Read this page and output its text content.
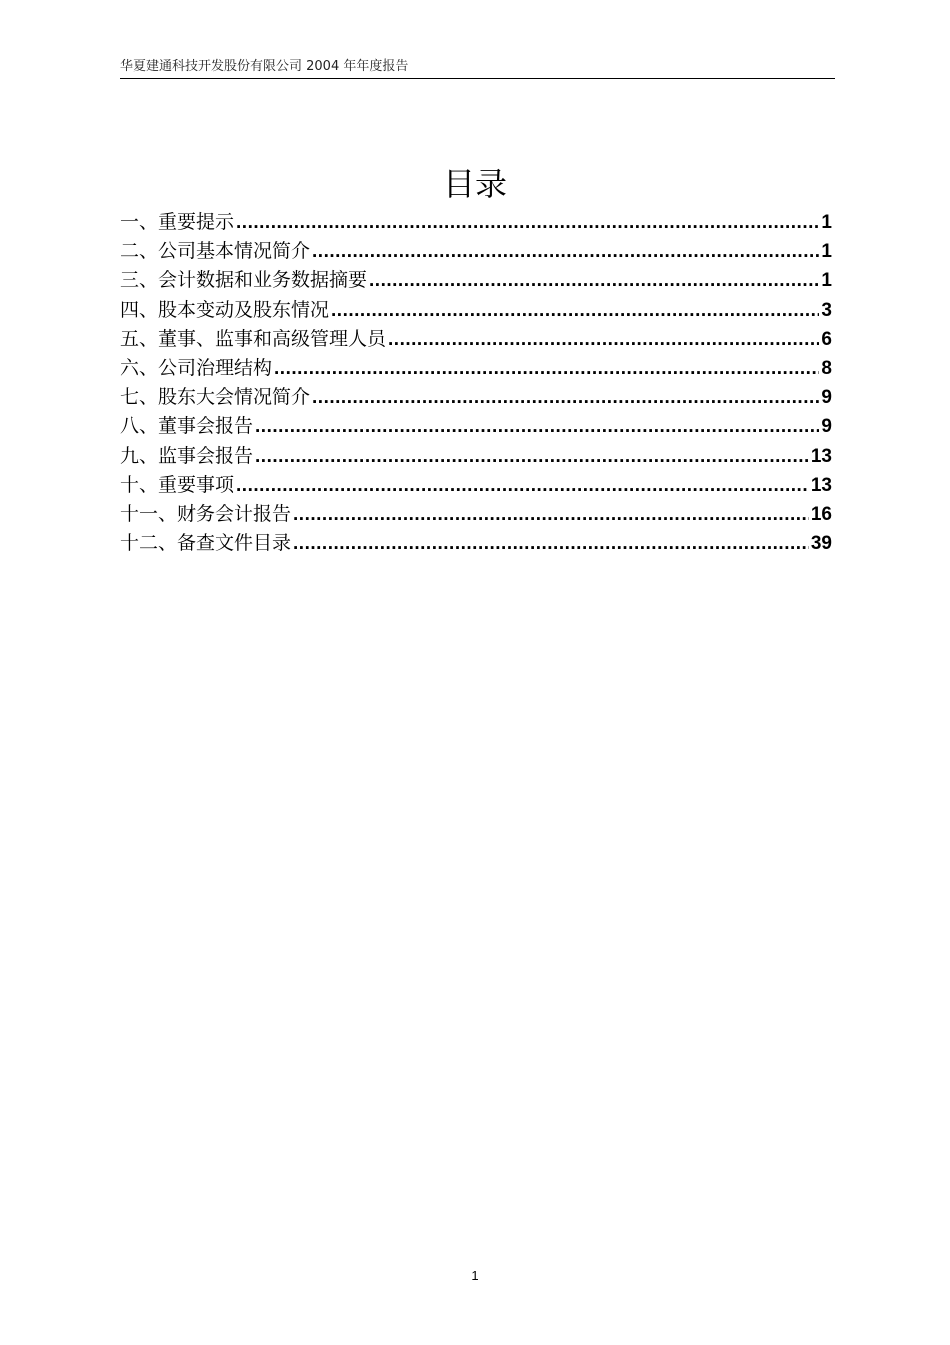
华夏建通科技开发股份有限公司 2004 年年度报告
目录
一、重要提示 .....	1
二、公司基本情况简介 .....	1
三、会计数据和业务数据摘要 .....	1
四、股本变动及股东情况 .....	3
五、董事、监事和高级管理人员 .....	6
六、公司治理结构 .....	8
七、股东大会情况简介 .....	9
八、董事会报告 .....	9
九、监事会报告 .....	13
十、重要事项 .....	13
十一、财务会计报告 .....	16
十二、备查文件目录 .....	39
1
